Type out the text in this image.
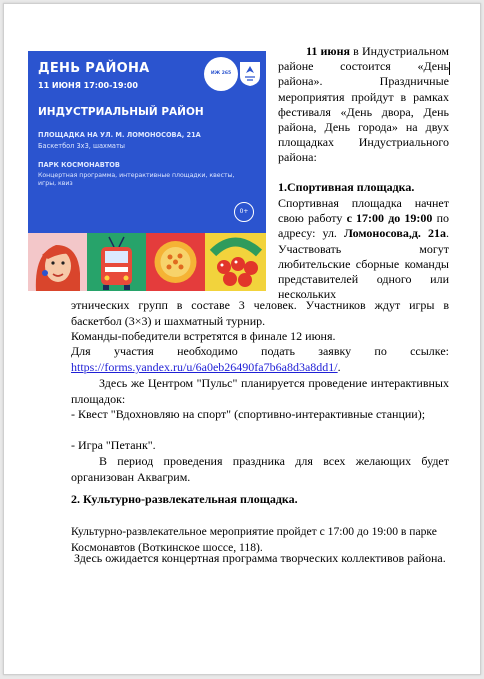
ДЕНЬ РАЙОНА
11 ИЮНЯ 17:00-19:00
ИЖ 265
ИНДУСТРИАЛЬНЫЙ РАЙОН
ПЛОЩАДКА НА УЛ. М. ЛОМОНОСОВА, 21А
Баскетбол 3х3, шахматы
ПАРК КОСМОНАВТОВ
Концертная программа, интерактивные площадки, квесты, игры, квиз
0+
11 июня в Индустриальном районе состоится «День района». Праздничные мероприятия пройдут в рамках фестиваля «День двора, День района, День города» на двух площадках Индустриального района:
1.Спортивная площадка.
Спортивная площадка начнет свою работу с 17:00 до 19:00 по адресу: ул. Ломоносова,д. 21а. Участвовать могут любительские сборные команды представителей одного или нескольких
этнических групп в составе 3 человек. Участников ждут игры в баскетбол (3×3) и шахматный турнир.
Команды-победители встретятся в финале 12 июня.
Для участия необходимо подать заявку по ссылке:
https://forms.yandex.ru/u/6a0eb26490fa7b6a8d3a8dd1/.
Здесь же Центром "Пульс" планируется проведение интерактивных площадок:
- Квест "Вдохновляю на спорт" (спортивно-интерактивные станции);
- Игра "Петанк".
В период проведения праздника для всех желающих будет организован Аквагрим.
2. Культурно-развлекательная площадка.
Культурно-развлекательное мероприятие пройдет с 17:00 до 19:00 в парке Космонавтов (Воткинское шоссе, 118).
Здесь ожидается концертная программа творческих коллективов района.
